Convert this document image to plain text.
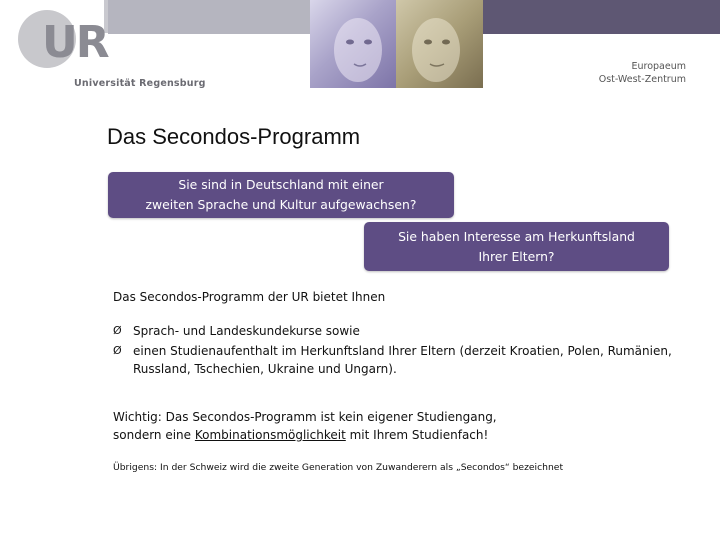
UR
Universität Regensburg
Europaeum
Ost-West-Zentrum
Das Secondos-Programm
Sie sind in Deutschland mit einer
zweiten Sprache und Kultur aufgewachsen?
Sie haben Interesse am Herkunftsland
Ihrer Eltern?
Das Secondos-Programm der UR bietet Ihnen
Ø Sprach- und Landeskundekurse sowie
Ø einen Studienaufenthalt im Herkunftsland Ihrer Eltern (derzeit Kroatien, Polen, Rumänien, Russland, Tschechien, Ukraine und Ungarn).
Wichtig: Das Secondos-Programm ist kein eigener Studiengang,
sondern eine Kombinationsmöglichkeit mit Ihrem Studienfach!
Übrigens: In der Schweiz wird die zweite Generation von Zuwanderern als „Secondos“ bezeichnet
